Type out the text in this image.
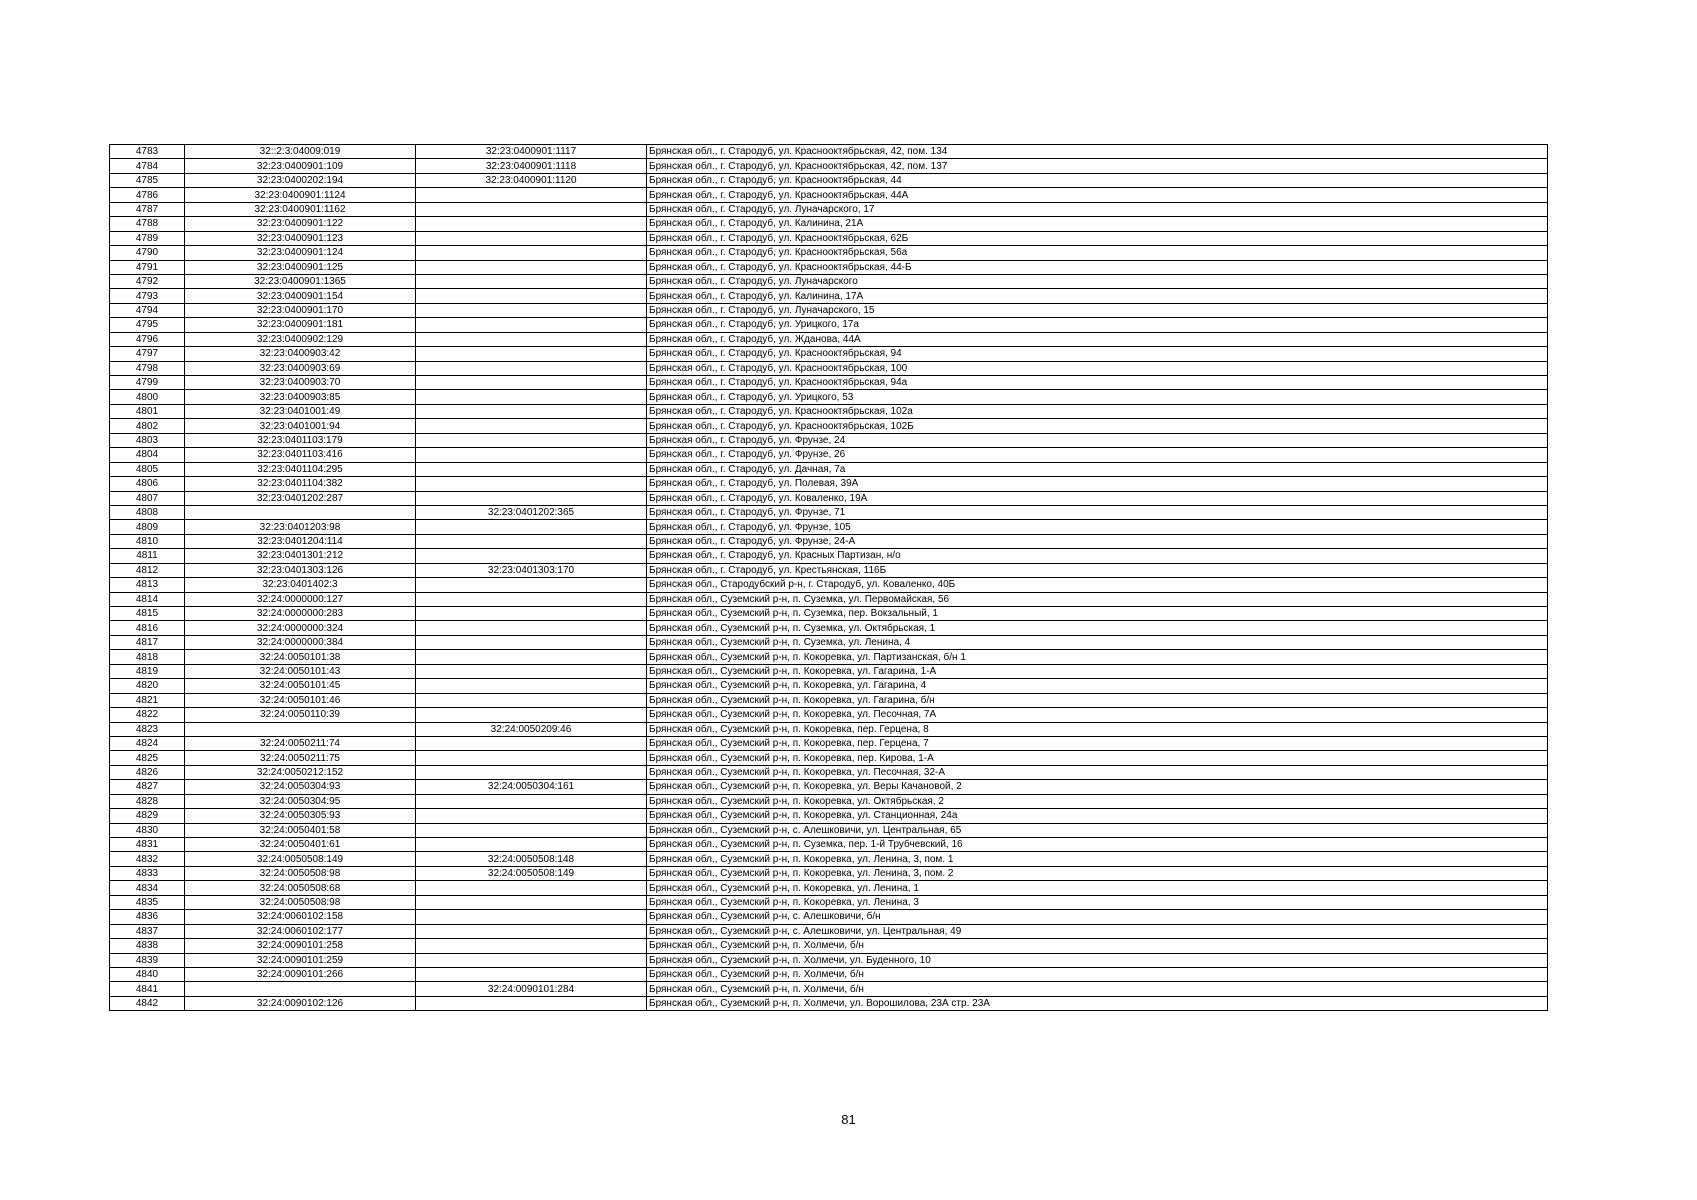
4783	32::2:3:04009:019	32:23:0400901:1117	Брянская обл., г. Стародуб, ул. Краснооктябрьская, 42, пом. 134
4784	32:23:0400901:109	32:23:0400901:1118	Брянская обл., г. Стародуб, ул. Краснооктябрьская, 42, пом. 137
4785	32:23:0400202:194	32:23:0400901:1120	Брянская обл., г. Стародуб, ул. Краснооктябрьская, 44
4786	32:23:0400901:1124		Брянская обл., г. Стародуб, ул. Краснооктябрьская, 44А
4787	32:23:0400901:1162		Брянская обл., г. Стародуб, ул. Луначарского, 17
4788	32:23:0400901:122		Брянская обл., г. Стародуб, ул. Калинина, 21А
4789	32:23:0400901:123		Брянская обл., г. Стародуб, ул. Краснооктябрьская, 62Б
4790	32:23:0400901:124		Брянская обл., г. Стародуб, ул. Краснооктябрьская, 56а
4791	32:23:0400901:125		Брянская обл., г. Стародуб, ул. Краснооктябрьская, 44-Б
4792	32:23:0400901:1365		Брянская обл., г. Стародуб, ул. Луначарского
4793	32:23:0400901:154		Брянская обл., г. Стародуб, ул. Калинина, 17А
4794	32:23:0400901:170		Брянская обл., г. Стародуб, ул. Луначарского, 15
4795	32:23:0400901:181		Брянская обл., г. Стародуб, ул. Урицкого, 17а
4796	32:23:0400902:129		Брянская обл., г. Стародуб, ул. Жданова, 44А
4797	32:23:0400903:42		Брянская обл., г. Стародуб, ул. Краснооктябрьская, 94
4798	32:23:0400903:69		Брянская обл., г. Стародуб, ул. Краснооктябрьская, 100
4799	32:23:0400903:70		Брянская обл., г. Стародуб, ул. Краснооктябрьская, 94а
4800	32:23:0400903:85		Брянская обл., г. Стародуб, ул. Урицкого, 53
4801	32:23:0401001:49		Брянская обл., г. Стародуб, ул. Краснооктябрьская, 102а
4802	32:23:0401001:94		Брянская обл., г. Стародуб, ул. Краснооктябрьская, 102Б
4803	32:23:0401103:179		Брянская обл., г. Стародуб, ул. Фрунзе, 24
4804	32:23:0401103:416		Брянская обл., г. Стародуб, ул. Фрунзе, 26
4805	32:23:0401104:295		Брянская обл., г. Стародуб, ул. Дачная, 7а
4806	32:23:0401104:382		Брянская обл., г. Стародуб, ул. Полевая, 39А
4807	32:23:0401202:287		Брянская обл., г. Стародуб, ул. Коваленко, 19А
4808		32:23:0401202:365	Брянская обл., г. Стародуб, ул. Фрунзе, 71
4809	32:23:0401203:98		Брянская обл., г. Стародуб, ул. Фрунзе, 105
4810	32:23:0401204:114		Брянская обл., г. Стародуб, ул. Фрунзе, 24-А
4811	32:23:0401301:212		Брянская обл., г. Стародуб, ул. Красных Партизан, н/о
4812	32:23:0401303:126	32:23:0401303:170	Брянская обл., г. Стародуб, ул. Крестьянская, 116Б
4813	32:23:0401402:3		Брянская обл., Стародубский р-н, г. Стародуб, ул. Коваленко, 40Б
4814	32:24:0000000:127		Брянская обл., Суземский р-н, п. Суземка, ул. Первомайская, 56
4815	32:24:0000000:283		Брянская обл., Суземский р-н, п. Суземка, пер. Вокзальный, 1
4816	32:24:0000000:324		Брянская обл., Суземский р-н, п. Суземка, ул. Октябрьская, 1
4817	32:24:0000000:384		Брянская обл., Суземский р-н, п. Суземка, ул. Ленина, 4
4818	32:24:0050101:38		Брянская обл., Суземский р-н, п. Кокоревка, ул. Партизанская, б/н 1
4819	32:24:0050101:43		Брянская обл., Суземский р-н, п. Кокоревка, ул. Гагарина, 1-А
4820	32:24:0050101:45		Брянская обл., Суземский р-н, п. Кокоревка, ул. Гагарина, 4
4821	32:24:0050101:46		Брянская обл., Суземский р-н, п. Кокоревка, ул. Гагарина, б/н
4822	32:24:0050110:39		Брянская обл., Суземский р-н, п. Кокоревка, ул. Песочная, 7А
4823		32:24:0050209:46	Брянская обл., Суземский р-н, п. Кокоревка, пер. Герцена, 8
4824	32:24:0050211:74		Брянская обл., Суземский р-н, п. Кокоревка, пер. Герцена, 7
4825	32:24:0050211:75		Брянская обл., Суземский р-н, п. Кокоревка, пер. Кирова, 1-А
4826	32:24:0050212:152		Брянская обл., Суземский р-н, п. Кокоревка, ул. Песочная, 32-А
4827	32:24:0050304:93	32:24:0050304:161	Брянская обл., Суземский р-н, п. Кокоревка, ул. Веры Качановой, 2
4828	32:24:0050304:95		Брянская обл., Суземский р-н, п. Кокоревка, ул. Октябрьская, 2
4829	32:24:0050305:93		Брянская обл., Суземский р-н, п. Кокоревка, ул. Станционная, 24а
4830	32:24:0050401:58		Брянская обл., Суземский р-н, с. Алешковичи, ул. Центральная, 65
4831	32:24:0050401:61		Брянская обл., Суземский р-н, п. Суземка, пер. 1-й Трубчевский, 16
4832	32:24:0050508:149	32:24:0050508:148	Брянская обл., Суземский р-н, п. Кокоревка, ул. Ленина, 3, пом. 1
4833	32:24:0050508:98	32:24:0050508:149	Брянская обл., Суземский р-н, п. Кокоревка, ул. Ленина, 3, пом. 2
4834	32:24:0050508:68		Брянская обл., Суземский р-н, п. Кокоревка, ул. Ленина, 1
4835	32:24:0050508:98		Брянская обл., Суземский р-н, п. Кокоревка, ул. Ленина, 3
4836	32:24:0060102:158		Брянская обл., Суземский р-н, с. Алешковичи, б/н
4837	32:24:0060102:177		Брянская обл., Суземский р-н, с. Алешковичи, ул. Центральная, 49
4838	32:24:0090101:258		Брянская обл., Суземский р-н, п. Холмечи, б/н
4839	32:24:0090101:259		Брянская обл., Суземский р-н, п. Холмечи, ул. Буденного, 10
4840	32:24:0090101:266		Брянская обл., Суземский р-н, п. Холмечи, б/н
4841		32:24:0090101:284	Брянская обл., Суземский р-н, п. Холмечи, б/н
4842	32:24:0090102:126		Брянская обл., Суземский р-н, п. Холмечи, ул. Ворошилова, 23А стр. 23А
81
